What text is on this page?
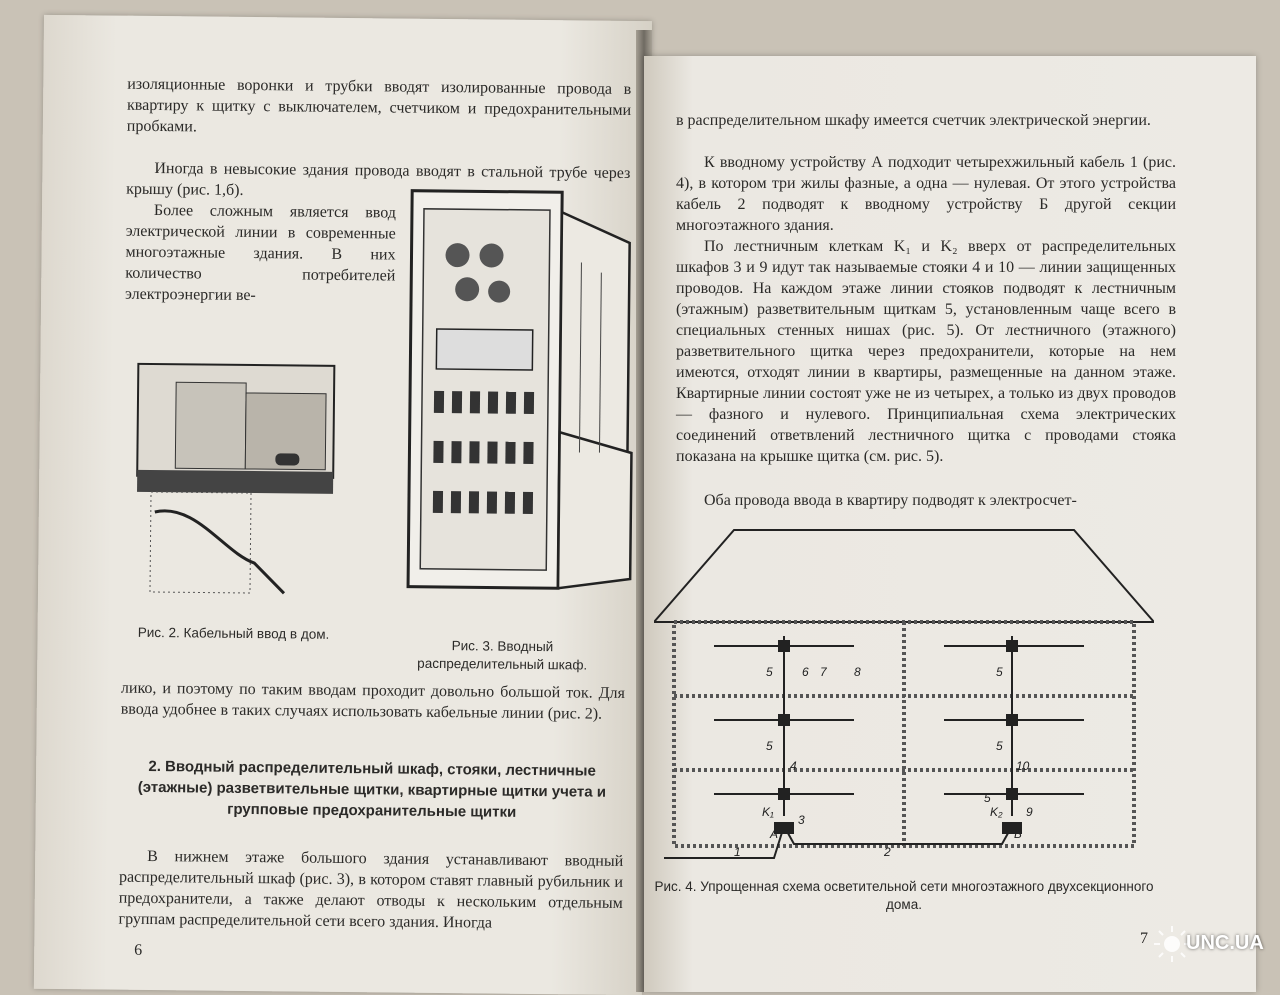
изоляционные воронки и трубки вводят изолированные провода в квартиру к щитку с выключателем, счетчиком и предохранительными пробками.
Иногда в невысокие здания провода вводят в стальной трубе через крышу (рис. 1,б).
Более сложным является ввод электрической линии в современные многоэтажные здания. В них количество потребителей электроэнергии ве-
Рис. 2. Кабельный ввод в дом.
Рис. 3. Вводный распределительный шкаф.
лико, и поэтому по таким вводам проходит довольно большой ток. Для ввода удобнее в таких случаях использовать кабельные линии (рис. 2).
2. Вводный распределительный шкаф, стояки, лестничные (этажные) разветвительные щитки, квартирные щитки учета и групповые предохранительные щитки
В нижнем этаже большого здания устанавливают вводный распределительный шкаф (рис. 3), в котором ставят главный рубильник и предохранители, а также делают отводы к нескольким отдельным группам распределительной сети всего здания. Иногда
6
в распределительном шкафу имеется счетчик электрической энергии.
К вводному устройству А подходит четырехжильный кабель 1 (рис. 4), в котором три жилы фазные, а одна — нулевая. От этого устройства кабель 2 подводят к вводному устройству Б другой секции многоэтажного здания.
По лестничным клеткам K₁ и K₂ вверх от распределительных шкафов 3 и 9 идут так называемые стояки 4 и 10 — линии защищенных проводов. На каждом этаже линии стояков подводят к лестничным (этажным) разветвительным щиткам 5, установленным чаще всего в специальных стенных нишах (рис. 5). От лестничного (этажного) разветвительного щитка через предохранители, которые на нем имеются, отходят линии в квартиры, размещенные на данном этаже. Квартирные линии состоят уже не из четырех, а только из двух проводов — фазного и нулевого. Принципиальная схема электрических соединений ответвлений лестничного щитка с проводами стояка показана на крышке щитка (см. рис. 5).
Оба провода ввода в квартиру подводят к электросчет-
5 6 7 8	5
5
4	10
5
3
K₁
5
K₂ 9
A	Б
1	2
Рис. 4. Упрощенная схема осветительной сети многоэтажного двухсекционного дома.
7 UNC.UA
